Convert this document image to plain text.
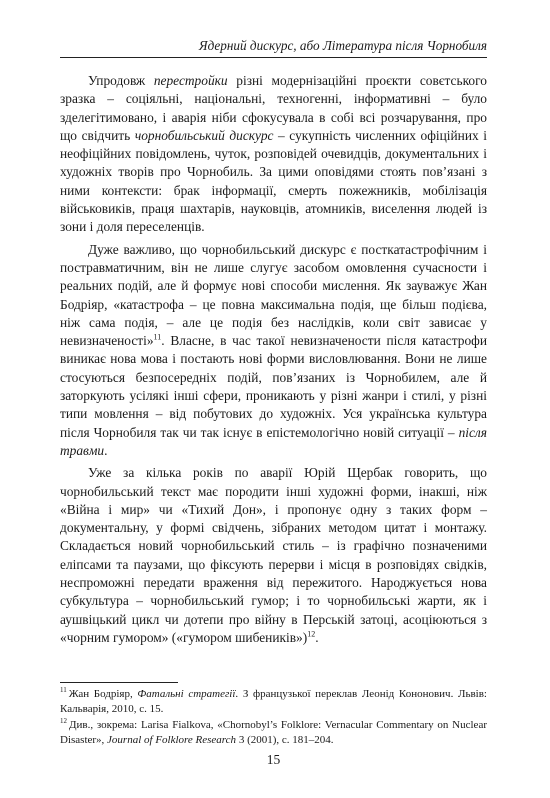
Ядерний дискурс, або Література після Чорнобиля

Упродовж перестройки різні модернізаційні проєкти совєтського зразка – соціяльні, національні, техногенні, інформативні – було зделегітимовано, і аварія ніби сфокусувала в собі всі розчарування, про що свідчить чорнобильський дискурс – сукупність численних офіційних і неофіційних повідомлень, чуток, розповідей очевидців, документальних і художніх творів про Чорнобиль. За цими оповідями стоять пов’язані з ними контексти: брак інформації, смерть пожежників, мобілізація військовиків, праця шахтарів, науковців, атомників, виселення людей із зони і доля переселенців.

Дуже важливо, що чорнобильський дискурс є посткатастрофічним і постравматичним, він не лише слугує засобом омовлення сучасности і реальних подій, але й формує нові способи мислення. Як зауважує Жан Бодріяр, «катастрофа – це повна максимальна подія, ще більш подієва, ніж сама подія, – але це подія без наслідків, коли світ зависає у невизначеності»$^{11}$. Власне, в час такої невизначености після катастрофи виникає нова мова і постають нові форми висловлювання. Вони не лише стосуються безпосередніх подій, пов’язаних із Чорнобилем, але й заторкують усілякі інші сфери, проникають у різні жанри і стилі, у різні типи мовлення – від побутових до художніх. Уся українська культура після Чорнобиля так чи так існує в епістемологічно новій ситуації – після травми.

Уже за кілька років по аварії Юрій Щербак говорить, що чорнобильський текст має породити інші художні форми, інакші, ніж «Війна і мир» чи «Тихий Дон», і пропонує одну з таких форм – документальну, у формі свідчень, зібраних методом цитат і монтажу. Складається новий чорнобильський стиль – із графічно позначеними еліпсами та паузами, що фіксують перерви і місця в розповідях свідків, неспроможні передати враження від пережитого. Народжується нова субкультура – чорнобильський гумор; і то чорнобильські жарти, як і аушвіцький цикл чи дотепи про війну в Перській затоці, асоціюються з «чорним гумором» («гумором шибеників»)$^{12}$.

$^{11}$ Жан Бодріяр, Фатальні стратегії. З французької переклав Леонід Кононович. Львів: Кальварія, 2010, с. 15.

$^{12}$ Див., зокрема: Larisa Fialkova, «Chornobyl’s Folklore: Vernacular Commentary on Nuclear Disaster», Journal of Folklore Research 3 (2001), с. 181–204.

15
